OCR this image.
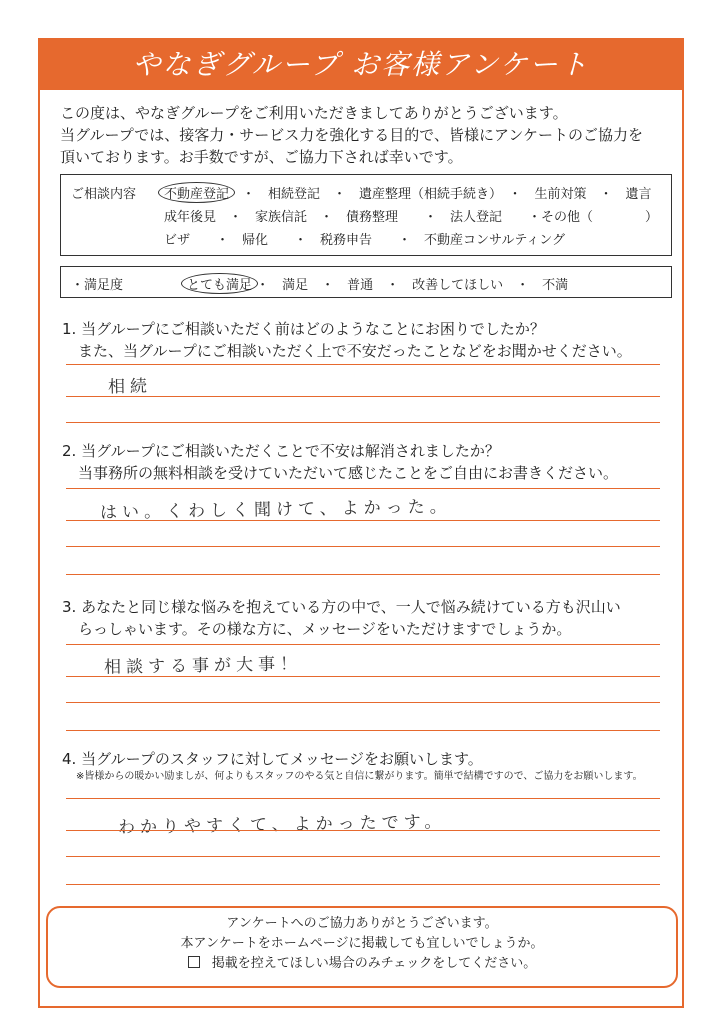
やなぎグループ お客様アンケート
この度は、やなぎグループをご利用いただきましてありがとうございます。
当グループでは、接客力・サービス力を強化する目的で、皆様にアンケートのご協力を
頂いております。お手数ですが、ご協力下されば幸いです。
ご相談内容 不動産登記　・　相続登記　・　遺産整理（相続手続き）　・　生前対策　・　遺言
成年後見　・　家族信託　・　債務整理　　・　法人登記　　・その他（　　　　）
ビザ　　・　帰化　　・　税務申告　　・　不動産コンサルティング
・満足度	とても満足 ・　満足　・　普通　・　改善してほしい　・　不満
1. 当グループにご相談いただく前はどのようなことにお困りでしたか？
また、当グループにご相談いただく上で不安だったことなどをお聞かせください。
相続
2. 当グループにご相談いただくことで不安は解消されましたか？
当事務所の無料相談を受けていただいて感じたことをご自由にお書きください。
はい。くわしく聞けて、よかった。
3. あなたと同じ様な悩みを抱えている方の中で、一人で悩み続けている方も沢山い
らっしゃいます。その様な方に、メッセージをいただけますでしょうか。
相談する事が大事！
4. 当グループのスタッフに対してメッセージをお願いします。
※皆様からの暖かい励ましが、何よりもスタッフのやる気と自信に繋がります。簡単で結構ですので、ご協力をお願いします。
わかりやすくて、よかったです。
アンケートへのご協力ありがとうございます。
本アンケートをホームページに掲載しても宜しいでしょうか。
掲載を控えてほしい場合のみチェックをしてください。
